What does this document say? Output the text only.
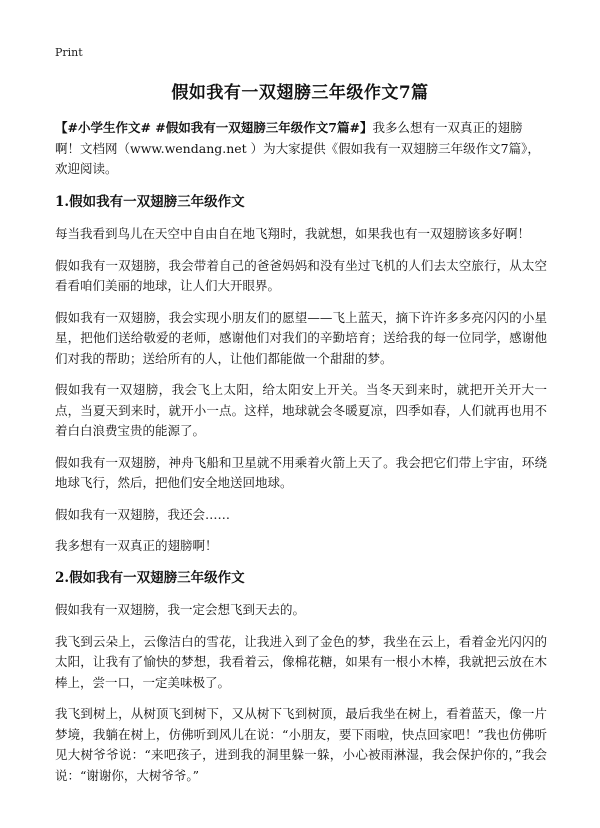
Print
假如我有一双翅膀三年级作文7篇

【#小学生作文# #假如我有一双翅膀三年级作文7篇#】我多么想有一双真正的翅膀啊！文档网（www.wendang.net ）为大家提供《假如我有一双翅膀三年级作文7篇》，欢迎阅读。

1.假如我有一双翅膀三年级作文

每当我看到鸟儿在天空中自由自在地飞翔时，我就想，如果我也有一双翅膀该多好啊！

假如我有一双翅膀，我会带着自己的爸爸妈妈和没有坐过飞机的人们去太空旅行，从太空看看咱们美丽的地球，让人们大开眼界。

假如我有一双翅膀，我会实现小朋友们的愿望——飞上蓝天，摘下许许多多亮闪闪的小星星，把他们送给敬爱的老师，感谢他们对我们的辛勤培育；送给我的每一位同学，感谢他们对我的帮助；送给所有的人，让他们都能做一个甜甜的梦。

假如我有一双翅膀，我会飞上太阳，给太阳安上开关。当冬天到来时，就把开关开大一点，当夏天到来时，就开小一点。这样，地球就会冬暖夏凉，四季如春，人们就再也用不着白白浪费宝贵的能源了。

假如我有一双翅膀，神舟飞船和卫星就不用乘着火箭上天了。我会把它们带上宇宙，环绕地球飞行，然后，把他们安全地送回地球。

假如我有一双翅膀，我还会……

我多想有一双真正的翅膀啊！

2.假如我有一双翅膀三年级作文

假如我有一双翅膀，我一定会想飞到天去的。

我飞到云朵上，云像洁白的雪花，让我进入到了金色的梦，我坐在云上，看着金光闪闪的太阳，让我有了愉快的梦想，我看着云，像棉花糖，如果有一根小木棒，我就把云放在木棒上，尝一口，一定美味极了。

我飞到树上，从树顶飞到树下，又从树下飞到树顶，最后我坐在树上，看着蓝天，像一片梦境，我躺在树上，仿佛听到风儿在说：“小朋友，要下雨啦，快点回家吧！”我也仿佛听见大树爷爷说：“来吧孩子，进到我的洞里躲一躲，小心被雨淋湿，我会保护你的，”我会说：“谢谢你，大树爷爷。”
